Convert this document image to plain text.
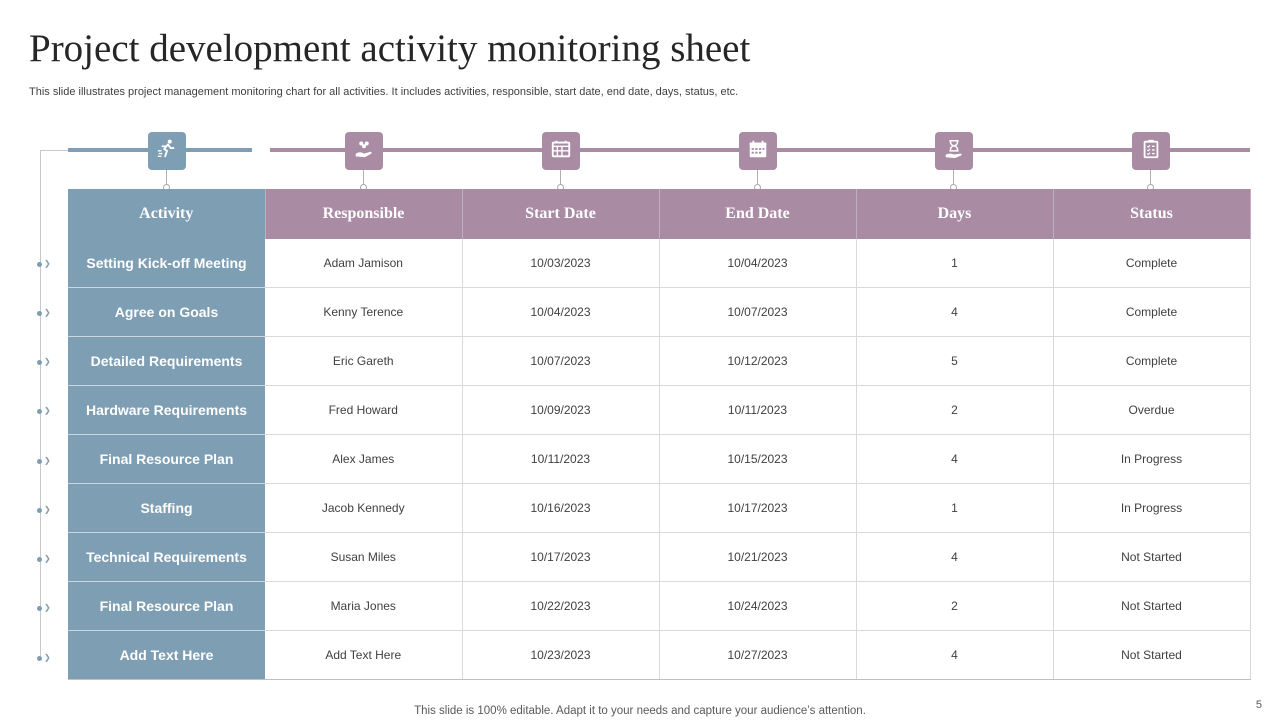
Project development activity monitoring sheet

This slide illustrates project management monitoring chart for all activities. It includes activities, responsible, start date, end date, days, status, etc.

❯
❯
❯
❯
❯
❯
❯
❯
❯
Activity	Responsible	Start Date	End Date	Days	Status
Setting Kick-off Meeting	Adam Jamison	10/03/2023	10/04/2023	1	Complete
Agree on Goals	Kenny Terence	10/04/2023	10/07/2023	4	Complete
Detailed Requirements	Eric Gareth	10/07/2023	10/12/2023	5	Complete
Hardware Requirements	Fred Howard	10/09/2023	10/11/2023	2	Overdue
Final Resource Plan	Alex James	10/11/2023	10/15/2023	4	In Progress
Staffing	Jacob Kennedy	10/16/2023	10/17/2023	1	In Progress
Technical Requirements	Susan Miles	10/17/2023	10/21/2023	4	Not Started
Final Resource Plan	Maria Jones	10/22/2023	10/24/2023	2	Not Started
Add Text Here	Add Text Here	10/23/2023	10/27/2023	4	Not Started

This slide is 100% editable. Adapt it to your needs and capture your audience’s attention.	5
